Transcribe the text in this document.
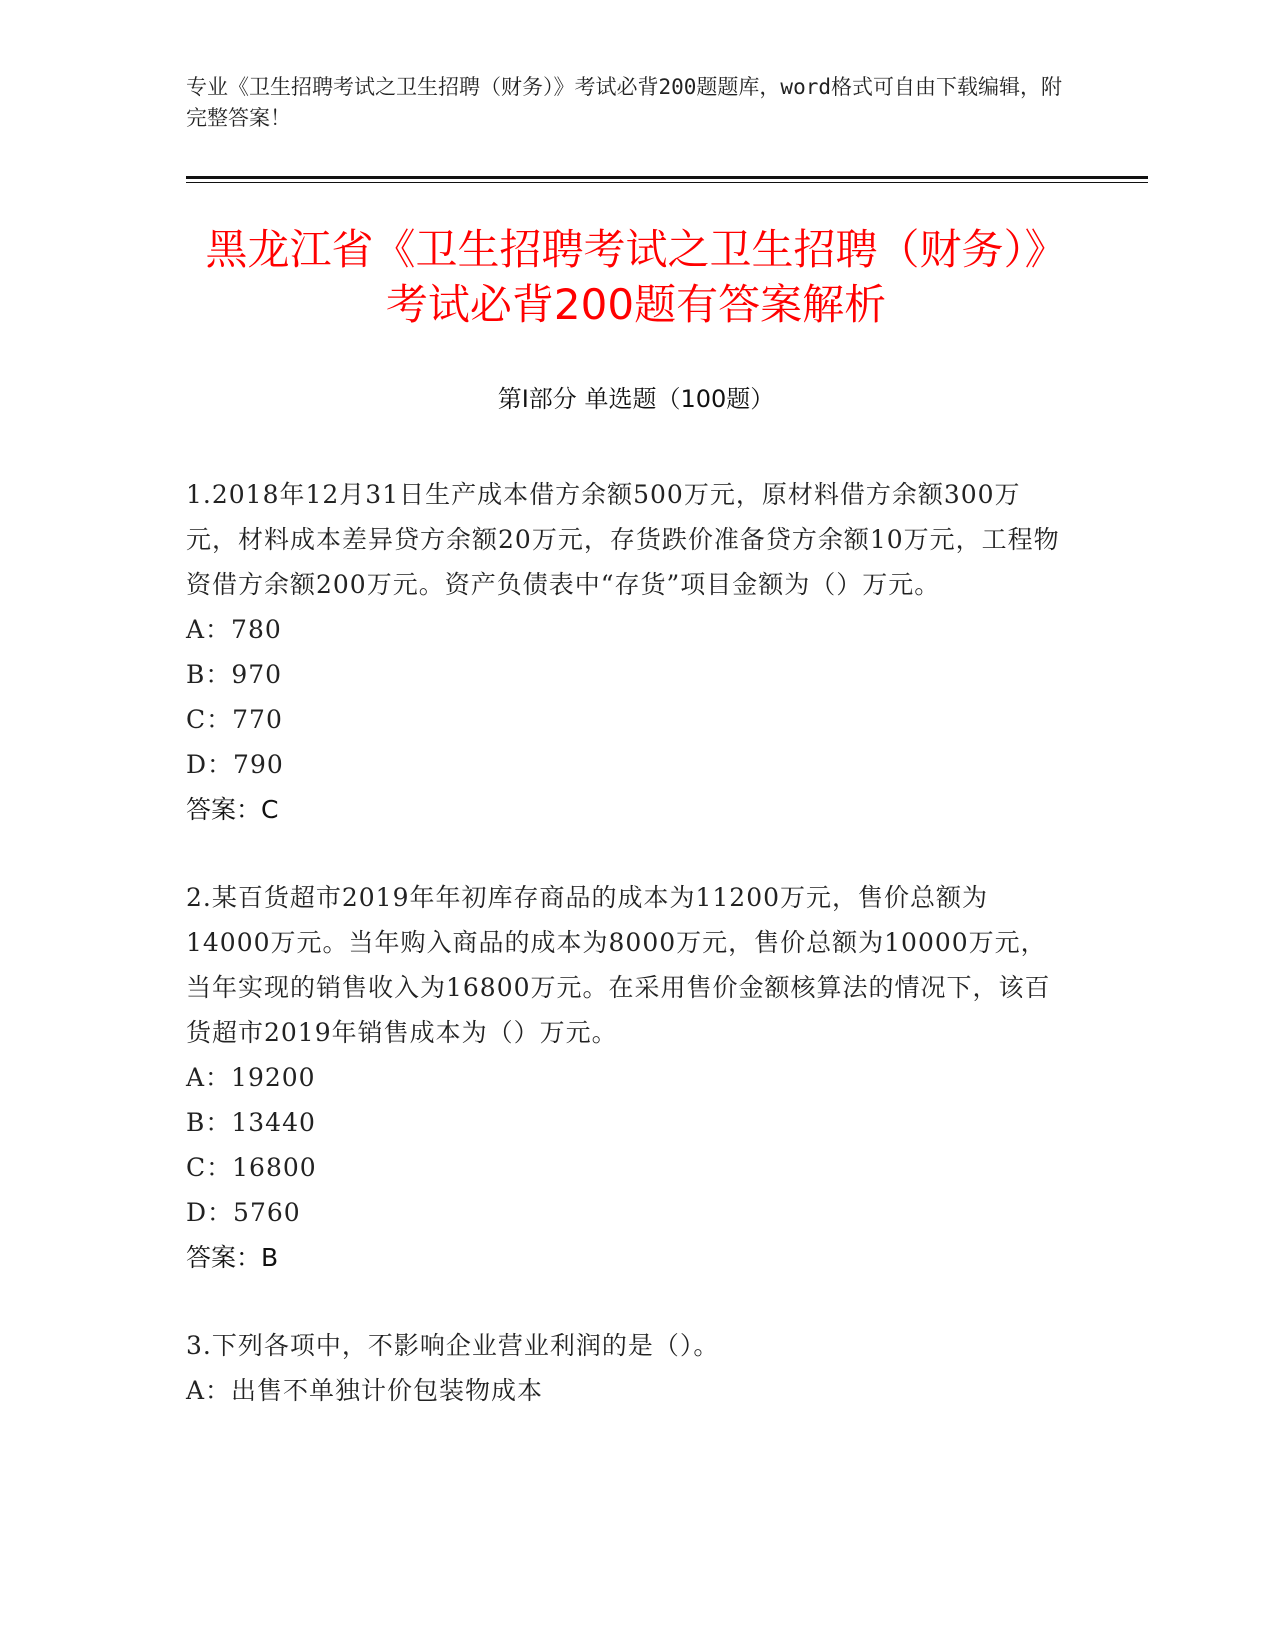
专业《卫生招聘考试之卫生招聘（财务）》考试必背200题题库，word格式可自由下载编辑，附完整答案！
黑龙江省《卫生招聘考试之卫生招聘（财务）》考试必背200题有答案解析
第Ⅰ部分 单选题（100题）
1.2018年12月31日生产成本借方余额500万元，原材料借方余额300万元，材料成本差异贷方余额20万元，存货跌价准备贷方余额10万元，工程物资借方余额200万元。资产负债表中“存货”项目金额为（）万元。
A：780
B：970
C：770
D：790
答案：C
2.某百货超市2019年年初库存商品的成本为11200万元，售价总额为14000万元。当年购入商品的成本为8000万元，售价总额为10000万元，当年实现的销售收入为16800万元。在采用售价金额核算法的情况下，该百货超市2019年销售成本为（）万元。
A：19200
B：13440
C：16800
D：5760
答案：B
3.下列各项中，不影响企业营业利润的是（）。
A：出售不单独计价包装物成本
